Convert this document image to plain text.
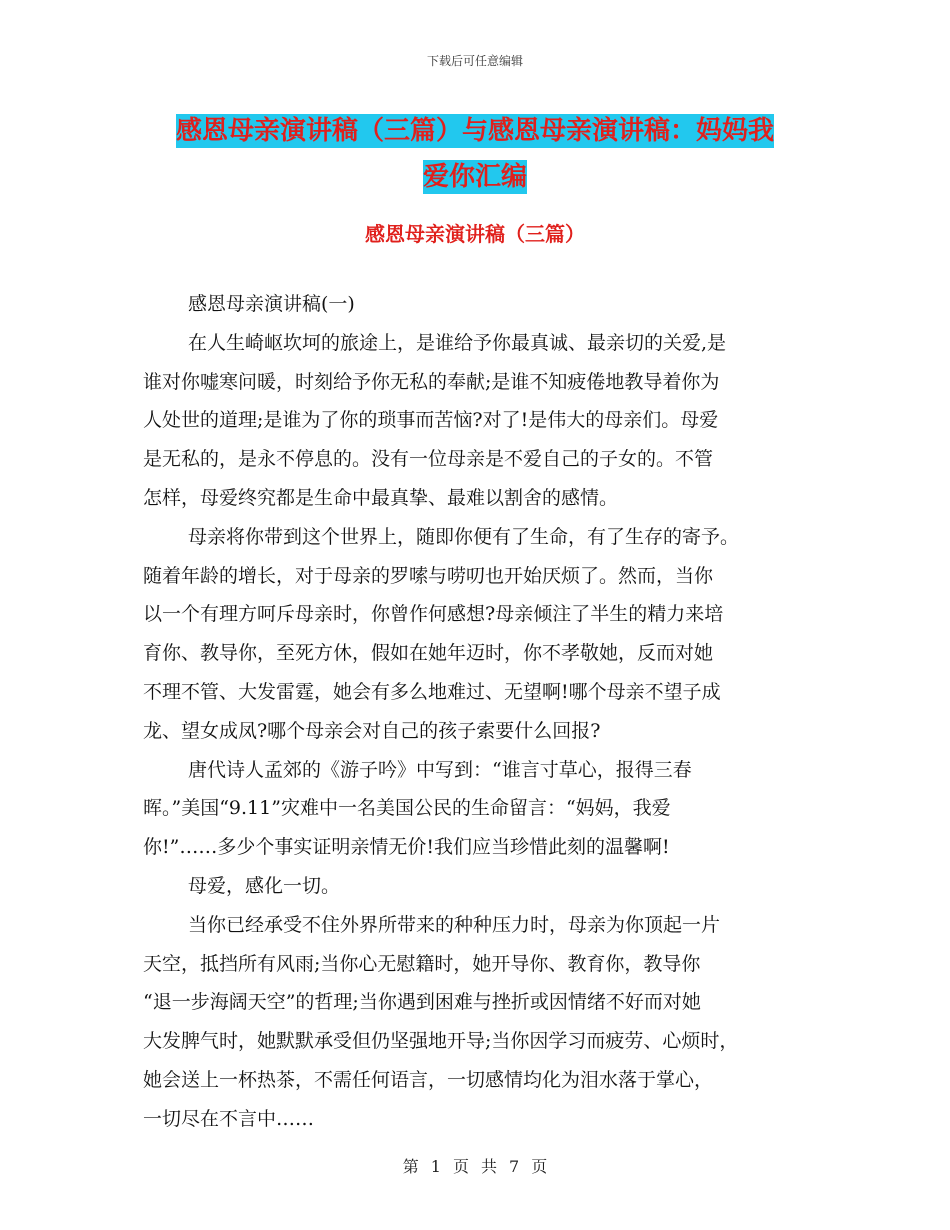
下载后可任意编辑
感恩母亲演讲稿（三篇）与感恩母亲演讲稿：妈妈我
爱你汇编
感恩母亲演讲稿（三篇）
感恩母亲演讲稿(一)
在人生崎岖坎坷的旅途上，是谁给予你最真诚、最亲切的关爱,是
谁对你嘘寒问暖，时刻给予你无私的奉献;是谁不知疲倦地教导着你为
人处世的道理;是谁为了你的琐事而苦恼?对了!是伟大的母亲们。母爱
是无私的，是永不停息的。没有一位母亲是不爱自己的子女的。不管
怎样，母爱终究都是生命中最真挚、最难以割舍的感情。
母亲将你带到这个世界上，随即你便有了生命，有了生存的寄予。
随着年龄的增长，对于母亲的罗嗦与唠叨也开始厌烦了。然而，当你
以一个有理方呵斥母亲时，你曾作何感想?母亲倾注了半生的精力来培
育你、教导你，至死方休，假如在她年迈时，你不孝敬她，反而对她
不理不管、大发雷霆，她会有多么地难过、无望啊!哪个母亲不望子成
龙、望女成凤?哪个母亲会对自己的孩子索要什么回报?
唐代诗人孟郊的《游子吟》中写到：“谁言寸草心，报得三春
晖。”美国“9.11”灾难中一名美国公民的生命留言：“妈妈，我爱
你!”……多少个事实证明亲情无价!我们应当珍惜此刻的温馨啊!
母爱，感化一切。
当你已经承受不住外界所带来的种种压力时，母亲为你顶起一片
天空，抵挡所有风雨;当你心无慰籍时，她开导你、教育你，教导你
“退一步海阔天空”的哲理;当你遇到困难与挫折或因情绪不好而对她
大发脾气时，她默默承受但仍坚强地开导;当你因学习而疲劳、心烦时，
她会送上一杯热茶，不需任何语言，一切感情均化为泪水落于掌心，
一切尽在不言中……
第 1 页 共 7 页
